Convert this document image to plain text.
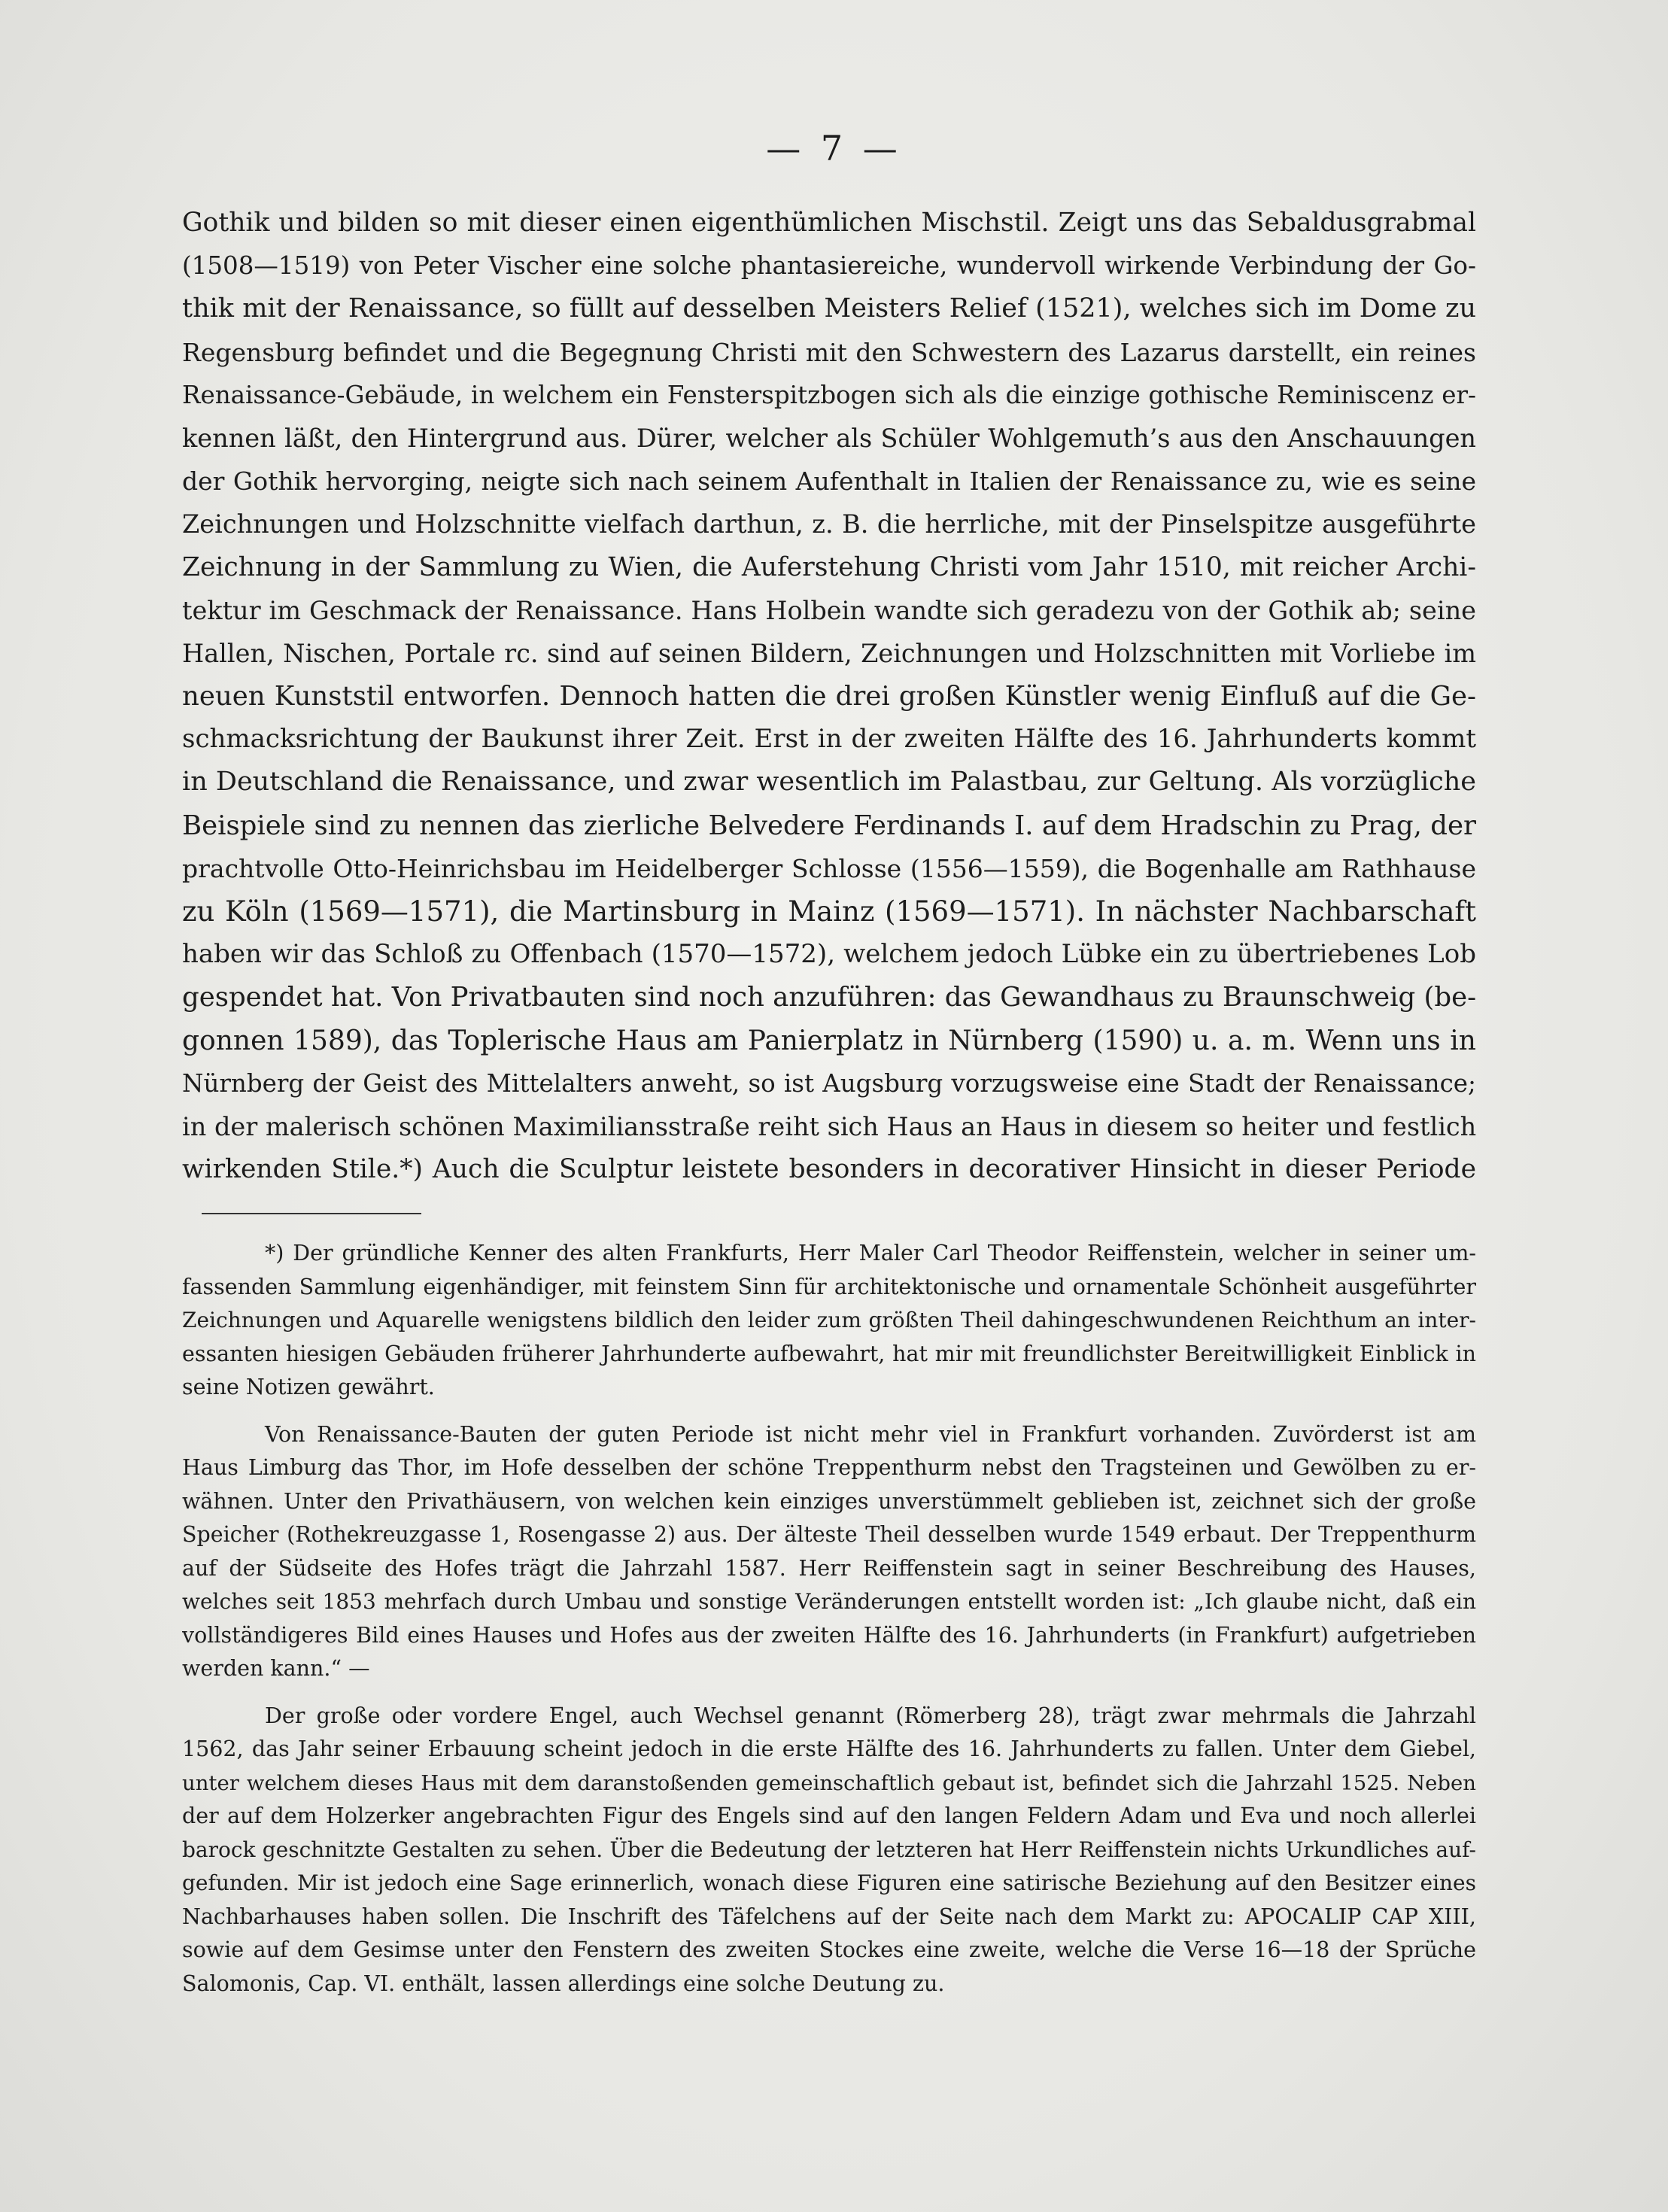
— 7 —
Gothik und bilden so mit dieser einen eigenthümlichen Mischstil. Zeigt uns das Sebaldusgrabmal
(1508—1519) von Peter Vischer eine solche phantasiereiche, wundervoll wirkende Verbindung der Go-
thik mit der Renaissance, so füllt auf desselben Meisters Relief (1521), welches sich im Dome zu
Regensburg befindet und die Begegnung Christi mit den Schwestern des Lazarus darstellt, ein reines
Renaissance-Gebäude, in welchem ein Fensterspitzbogen sich als die einzige gothische Reminiscenz er-
kennen läßt, den Hintergrund aus. Dürer, welcher als Schüler Wohlgemuth’s aus den Anschauungen
der Gothik hervorging, neigte sich nach seinem Aufenthalt in Italien der Renaissance zu, wie es seine
Zeichnungen und Holzschnitte vielfach darthun, z. B. die herrliche, mit der Pinselspitze ausgeführte
Zeichnung in der Sammlung zu Wien, die Auferstehung Christi vom Jahr 1510, mit reicher Archi-
tektur im Geschmack der Renaissance. Hans Holbein wandte sich geradezu von der Gothik ab; seine
Hallen, Nischen, Portale rc. sind auf seinen Bildern, Zeichnungen und Holzschnitten mit Vorliebe im
neuen Kunststil entworfen. Dennoch hatten die drei großen Künstler wenig Einfluß auf die Ge-
schmacksrichtung der Baukunst ihrer Zeit. Erst in der zweiten Hälfte des 16. Jahrhunderts kommt
in Deutschland die Renaissance, und zwar wesentlich im Palastbau, zur Geltung. Als vorzügliche
Beispiele sind zu nennen das zierliche Belvedere Ferdinands I. auf dem Hradschin zu Prag, der
prachtvolle Otto-Heinrichsbau im Heidelberger Schlosse (1556—1559), die Bogenhalle am Rathhause
zu Köln (1569—1571), die Martinsburg in Mainz (1569—1571). In nächster Nachbarschaft
haben wir das Schloß zu Offenbach (1570—1572), welchem jedoch Lübke ein zu übertriebenes Lob
gespendet hat. Von Privatbauten sind noch anzuführen: das Gewandhaus zu Braunschweig (be-
gonnen 1589), das Toplerische Haus am Panierplatz in Nürnberg (1590) u. a. m. Wenn uns in
Nürnberg der Geist des Mittelalters anweht, so ist Augsburg vorzugsweise eine Stadt der Renaissance;
in der malerisch schönen Maximiliansstraße reiht sich Haus an Haus in diesem so heiter und festlich
wirkenden Stile.*) Auch die Sculptur leistete besonders in decorativer Hinsicht in dieser Periode
*) Der gründliche Kenner des alten Frankfurts, Herr Maler Carl Theodor Reiffenstein, welcher in seiner um-
fassenden Sammlung eigenhändiger, mit feinstem Sinn für architektonische und ornamentale Schönheit ausgeführter
Zeichnungen und Aquarelle wenigstens bildlich den leider zum größten Theil dahingeschwundenen Reichthum an inter-
essanten hiesigen Gebäuden früherer Jahrhunderte aufbewahrt, hat mir mit freundlichster Bereitwilligkeit Einblick in
seine Notizen gewährt.
Von Renaissance-Bauten der guten Periode ist nicht mehr viel in Frankfurt vorhanden. Zuvörderst ist am
Haus Limburg das Thor, im Hofe desselben der schöne Treppenthurm nebst den Tragsteinen und Gewölben zu er-
wähnen. Unter den Privathäusern, von welchen kein einziges unverstümmelt geblieben ist, zeichnet sich der große
Speicher (Rothekreuzgasse 1, Rosengasse 2) aus. Der älteste Theil desselben wurde 1549 erbaut. Der Treppenthurm
auf der Südseite des Hofes trägt die Jahrzahl 1587. Herr Reiffenstein sagt in seiner Beschreibung des Hauses,
welches seit 1853 mehrfach durch Umbau und sonstige Veränderungen entstellt worden ist: „Ich glaube nicht, daß ein
vollständigeres Bild eines Hauses und Hofes aus der zweiten Hälfte des 16. Jahrhunderts (in Frankfurt) aufgetrieben
werden kann.“ —
Der große oder vordere Engel, auch Wechsel genannt (Römerberg 28), trägt zwar mehrmals die Jahrzahl
1562, das Jahr seiner Erbauung scheint jedoch in die erste Hälfte des 16. Jahrhunderts zu fallen. Unter dem Giebel,
unter welchem dieses Haus mit dem daranstoßenden gemeinschaftlich gebaut ist, befindet sich die Jahrzahl 1525. Neben
der auf dem Holzerker angebrachten Figur des Engels sind auf den langen Feldern Adam und Eva und noch allerlei
barock geschnitzte Gestalten zu sehen. Über die Bedeutung der letzteren hat Herr Reiffenstein nichts Urkundliches auf-
gefunden. Mir ist jedoch eine Sage erinnerlich, wonach diese Figuren eine satirische Beziehung auf den Besitzer eines
Nachbarhauses haben sollen. Die Inschrift des Täfelchens auf der Seite nach dem Markt zu: APOCALIP CAP XIII,
sowie auf dem Gesimse unter den Fenstern des zweiten Stockes eine zweite, welche die Verse 16—18 der Sprüche
Salomonis, Cap. VI. enthält, lassen allerdings eine solche Deutung zu.
